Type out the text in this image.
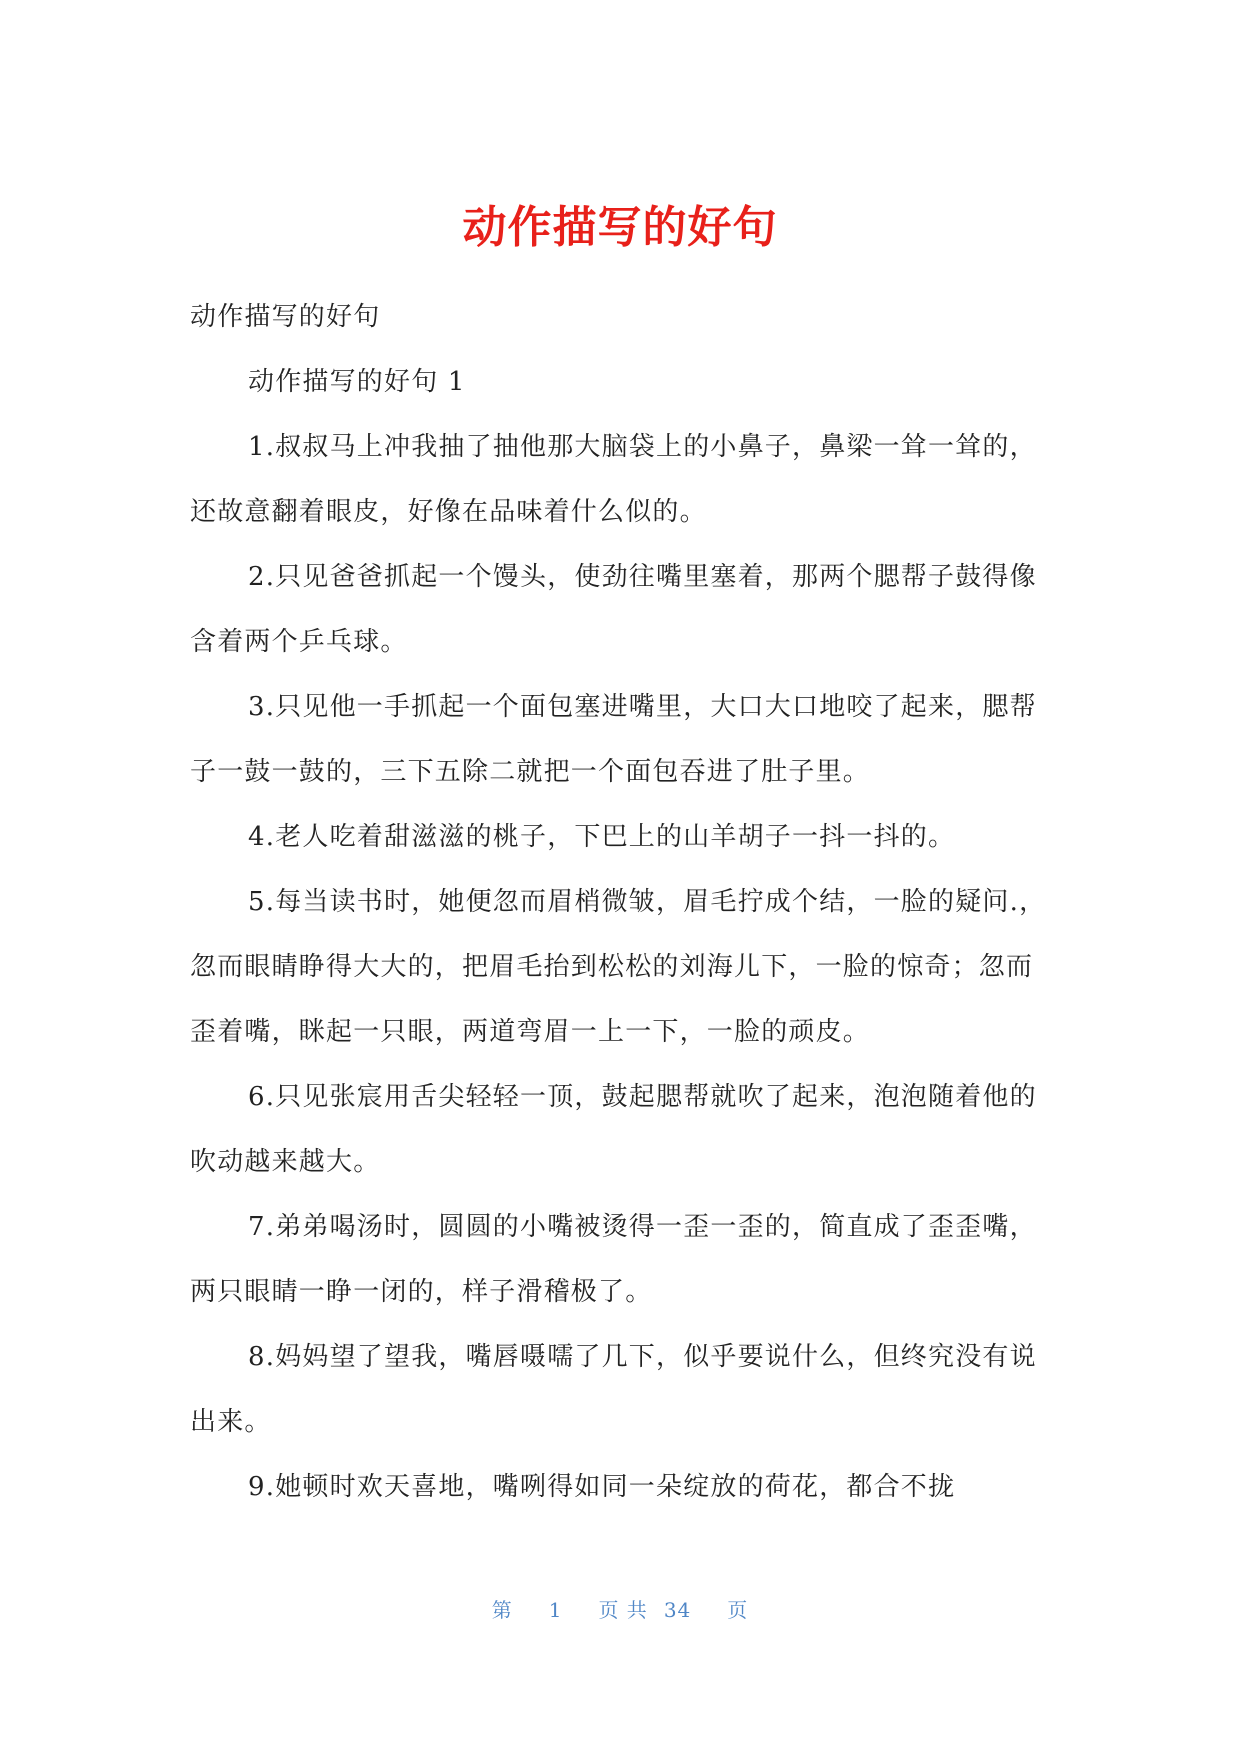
动作描写的好句

动作描写的好句

动作描写的好句 1

1.叔叔马上冲我抽了抽他那大脑袋上的小鼻子，鼻梁一耸一耸的，还故意翻着眼皮，好像在品味着什么似的。

2.只见爸爸抓起一个馒头，使劲往嘴里塞着，那两个腮帮子鼓得像含着两个乒乓球。

3.只见他一手抓起一个面包塞进嘴里，大口大口地咬了起来，腮帮子一鼓一鼓的，三下五除二就把一个面包吞进了肚子里。

4.老人吃着甜滋滋的桃子，下巴上的山羊胡子一抖一抖的。

5.每当读书时，她便忽而眉梢微皱，眉毛拧成个结，一脸的疑问.，忽而眼睛睁得大大的，把眉毛抬到松松的刘海儿下，一脸的惊奇；忽而歪着嘴，眯起一只眼，两道弯眉一上一下，一脸的顽皮。

6.只见张宸用舌尖轻轻一顶，鼓起腮帮就吹了起来，泡泡随着他的吹动越来越大。

7.弟弟喝汤时，圆圆的小嘴被烫得一歪一歪的，简直成了歪歪嘴，两只眼睛一睁一闭的，样子滑稽极了。

8.妈妈望了望我，嘴唇嗫嚅了几下，似乎要说什么，但终究没有说出来。

9.她顿时欢天喜地，嘴咧得如同一朵绽放的荷花，都合不拢

第 1 页 共 34 页
